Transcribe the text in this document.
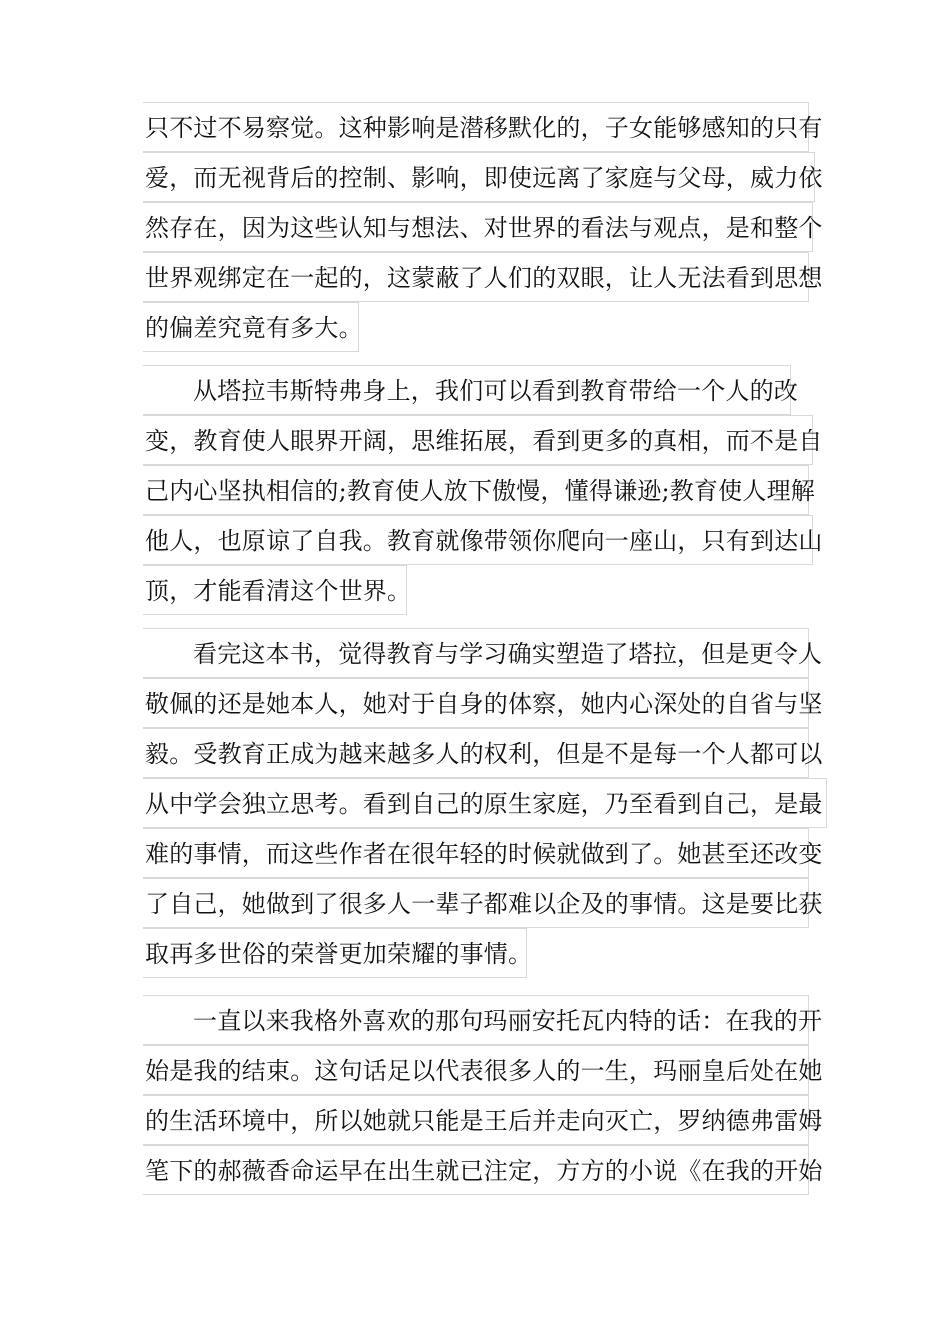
只不过不易察觉。这种影响是潜移默化的，子女能够感知的只有
爱，而无视背后的控制、影响，即使远离了家庭与父母，威力依
然存在，因为这些认知与想法、对世界的看法与观点，是和整个
世界观绑定在一起的，这蒙蔽了人们的双眼，让人无法看到思想
的偏差究竟有多大。
从塔拉韦斯特弗身上，我们可以看到教育带给一个人的改
变，教育使人眼界开阔，思维拓展，看到更多的真相，而不是自
己内心坚执相信的;教育使人放下傲慢，懂得谦逊;教育使人理解
他人，也原谅了自我。教育就像带领你爬向一座山，只有到达山
顶，才能看清这个世界。
看完这本书，觉得教育与学习确实塑造了塔拉，但是更令人
敬佩的还是她本人，她对于自身的体察，她内心深处的自省与坚
毅。受教育正成为越来越多人的权利，但是不是每一个人都可以
从中学会独立思考。看到自己的原生家庭，乃至看到自己，是最
难的事情，而这些作者在很年轻的时候就做到了。她甚至还改变
了自己，她做到了很多人一辈子都难以企及的事情。这是要比获
取再多世俗的荣誉更加荣耀的事情。
一直以来我格外喜欢的那句玛丽安托瓦内特的话：在我的开
始是我的结束。这句话足以代表很多人的一生，玛丽皇后处在她
的生活环境中，所以她就只能是王后并走向灭亡，罗纳德弗雷姆
笔下的郝薇香命运早在出生就已注定，方方的小说《在我的开始
